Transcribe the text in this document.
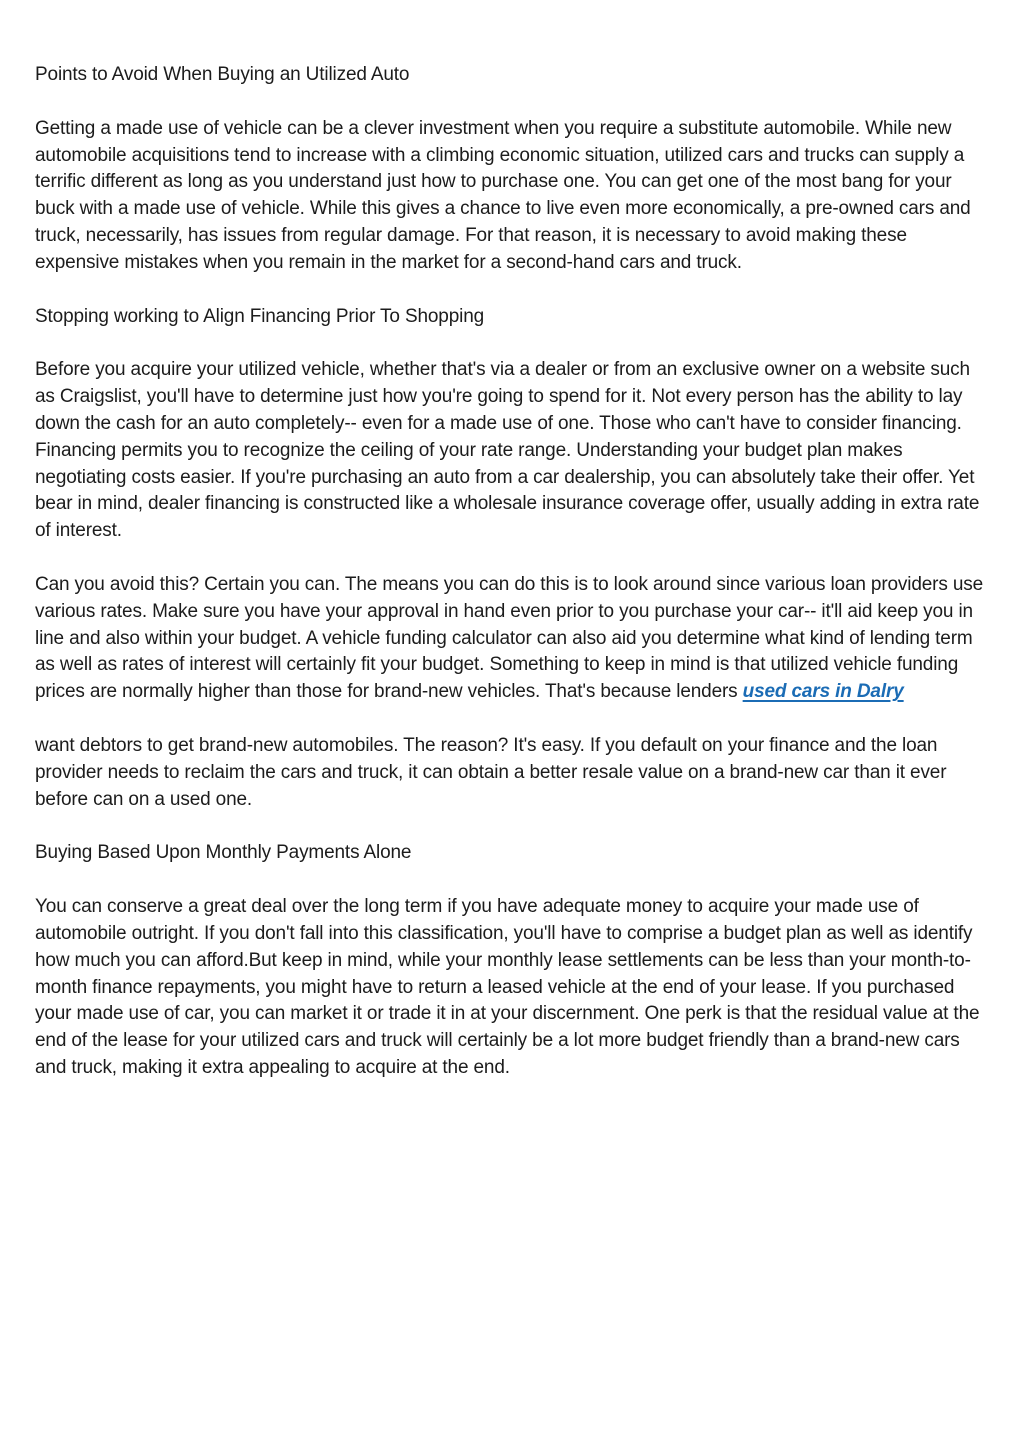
Points to Avoid When Buying an Utilized Auto

Getting a made use of vehicle can be a clever investment when you require a substitute automobile. While new automobile acquisitions tend to increase with a climbing economic situation, utilized cars and trucks can supply a terrific different as long as you understand just how to purchase one. You can get one of the most bang for your buck with a made use of vehicle. While this gives a chance to live even more economically, a pre-owned cars and truck, necessarily, has issues from regular damage. For that reason, it is necessary to avoid making these expensive mistakes when you remain in the market for a second-hand cars and truck.

Stopping working to Align Financing Prior To Shopping

Before you acquire your utilized vehicle, whether that's via a dealer or from an exclusive owner on a website such as Craigslist, you'll have to determine just how you're going to spend for it. Not every person has the ability to lay down the cash for an auto completely-- even for a made use of one. Those who can't have to consider financing. Financing permits you to recognize the ceiling of your rate range. Understanding your budget plan makes negotiating costs easier. If you're purchasing an auto from a car dealership, you can absolutely take their offer. Yet bear in mind, dealer financing is constructed like a wholesale insurance coverage offer, usually adding in extra rate of interest.

Can you avoid this? Certain you can. The means you can do this is to look around since various loan providers use various rates. Make sure you have your approval in hand even prior to you purchase your car-- it'll aid keep you in line and also within your budget. A vehicle funding calculator can also aid you determine what kind of lending term as well as rates of interest will certainly fit your budget. Something to keep in mind is that utilized vehicle funding prices are normally higher than those for brand-new vehicles. That's because lenders used cars in Dalry

want debtors to get brand-new automobiles. The reason? It's easy. If you default on your finance and the loan provider needs to reclaim the cars and truck, it can obtain a better resale value on a brand-new car than it ever before can on a used one.

Buying Based Upon Monthly Payments Alone

You can conserve a great deal over the long term if you have adequate money to acquire your made use of automobile outright. If you don't fall into this classification, you'll have to comprise a budget plan as well as identify how much you can afford.But keep in mind, while your monthly lease settlements can be less than your month-to-month finance repayments, you might have to return a leased vehicle at the end of your lease. If you purchased your made use of car, you can market it or trade it in at your discernment. One perk is that the residual value at the end of the lease for your utilized cars and truck will certainly be a lot more budget friendly than a brand-new cars and truck, making it extra appealing to acquire at the end.
